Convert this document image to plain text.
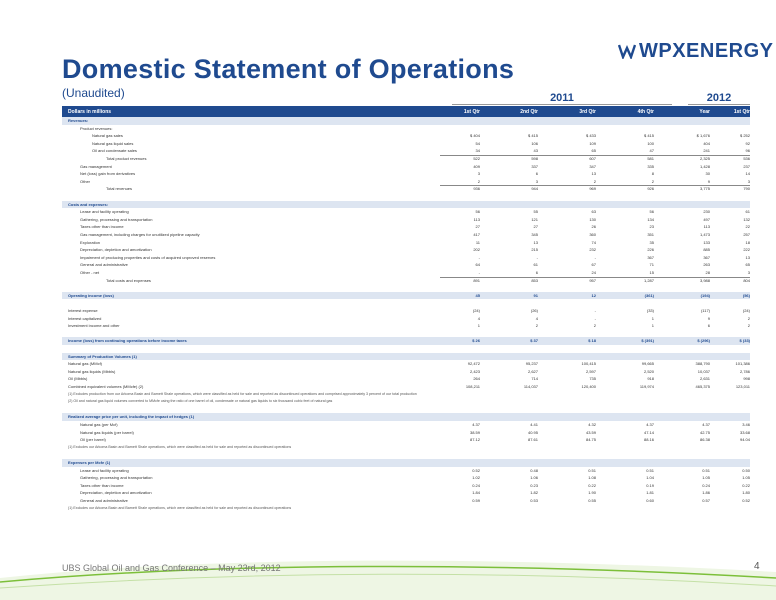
WPXENERGY
Domestic Statement of Operations
(Unaudited)	2011	2012
Dollars in millions	1st Qtr	2nd Qtr	3rd Qtr	4th Qtr	Year	1st Qtr
Revenues:
Product revenues:
Natural gas sales	$ 404	$ 415	$ 433	$ 415	$ 1,676	$ 252
Natural gas liquid sales	54	106	109	100	404	92
Oil and condensate sales	34	43	65	47	241	96
Total product revenues	522	598	607	581	2,325	536
Gas management	409	337	347	335	1,428	237
Net (loss) gain from derivatives	3	6	13	8	30	14
Other	2	3	2	2	9	3
Total revenues	936	944	969	926	3,775	790
Costs and expenses:
Lease and facility operating	56	55	63	56	230	61
Gathering, processing and transportation	113	121	130	134	497	132
Taxes other than income	27	27	26	23	113	22
Gas management, including charges for unutilized pipeline capacity	417	345	360	351	1,473	257
Exploration	11	13	74	35	133	18
Depreciation, depletion and amortization	202	215	232	226	885	222
Impairment of producing properties and costs of acquired unproved reserves	-	-	-	367	367	13
General and administrative	64	61	67	71	263	65
Other - net	-	6	24	15	28	3
Total costs and expenses	891	853	957	1,287	3,988	804
Operating income (loss)	45	91	12	(361)	(194)	(56)
Interest expense	(24)	(26)	-	(33)	(117)	(24)
Interest capitalized	4	4	-	1	9	2
Investment income and other	1	2	2	1	6	2
Income (loss) from continuing operations before income taxes	$ 26	$ 37	$ 18	$ (391)	$ (296)	$ (33)
Summary of Production Volumes (1)
Natural gas (MMcf)	92,472	95,237	100,415	99,665	388,790	101,386
Natural gas liquids (Mbbls)	2,423	2,627	2,597	2,520	10,037	2,786
Oil (Mbbls)	264	714	735	918	2,631	998
Combined equivalent volumes (MMcfe) (2)	108,211	114,037	120,400	119,974	465,375	123,011
(1) Excludes production from our Arkoma Basin and Barnett Shale operations, which were classified as held for sale and reported as discontinued operations and comprised approximately 3 percent of our total production
(2) Oil and natural gas liquid volumes converted to MMcfe using the ratio of one barrel of oil, condensate or natural gas liquids to six thousand cubic feet of natural gas
Realized average price per unit, including the impact of hedges (1)
Natural gas (per Mcf)	4.37	4.41	4.32	4.37	4.37	3.46
Natural gas liquids (per barrel)	38.59	40.95	43.59	47.14	42.75	33.68
Oil (per barrel)	87.12	87.61	84.75	88.16	86.38	94.04
(1) Excludes our Arkoma Basin and Barnett Shale operations, which were classified as held for sale and reported as discontinued operations
Expenses per Mcfe (1)
Lease and facility operating	0.52	0.48	0.51	0.51	0.51	0.50
Gathering, processing and transportation	1.02	1.06	1.08	1.04	1.05	1.05
Taxes other than income	0.24	0.23	0.22	0.19	0.24	0.22
Depreciation, depletion and amortization	1.84	1.82	1.90	1.81	1.86	1.80
General and administrative	0.59	0.53	0.55	0.60	0.57	0.52
(1) Excludes our Arkoma Basin and Barnett Shale operations, which were classified as held for sale and reported as discontinued operations
UBS Global Oil and Gas Conference – May 23rd, 2012	4
